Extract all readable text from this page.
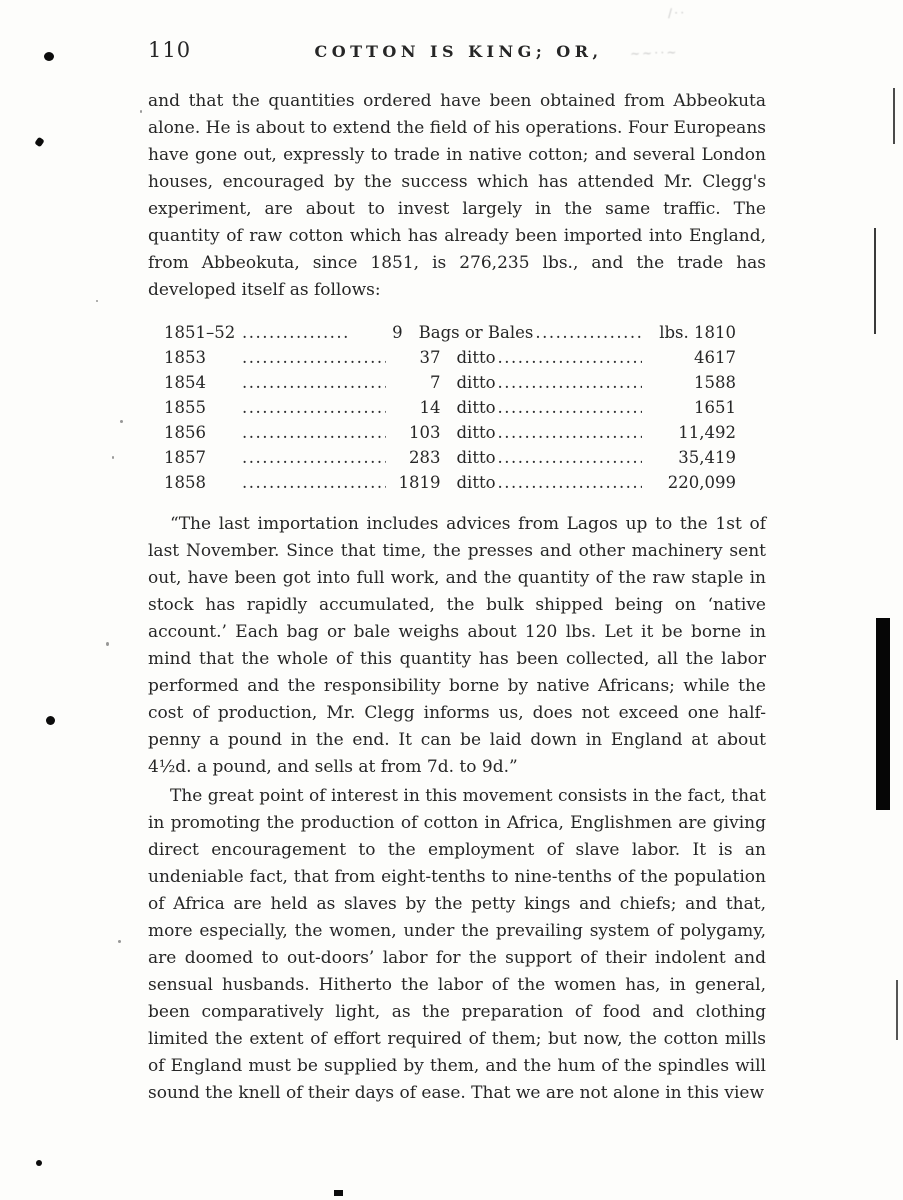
110	COTTON IS KING; OR,

and that the quantities ordered have been obtained from Abbeokuta alone. He is about to extend the field of his operations. Four Europeans have gone out, expressly to trade in native cotton; and several London houses, encouraged by the success which has attended Mr. Clegg's experiment, are about to invest largely in the same traffic. The quantity of raw cotton which has already been imported into England, from Abbeokuta, since 1851, is 276,235 lbs., and the trade has developed itself as follows:

1851–52 .....	9 Bags or Bales .....	lbs. 1810
1853 .....	37 ditto .....	4617
1854 .....	7 ditto .....	1588
1855 .....	14 ditto .....	1651
1856 .....	103 ditto .....	11,492
1857 .....	283 ditto .....	35,419
1858 .....	1819 ditto .....	220,099

“The last importation includes advices from Lagos up to the 1st of last November. Since that time, the presses and other machinery sent out, have been got into full work, and the quantity of the raw staple in stock has rapidly accumulated, the bulk shipped being on ‘native account.’ Each bag or bale weighs about 120 lbs. Let it be borne in mind that the whole of this quantity has been collected, all the labor performed and the responsibility borne by native Africans; while the cost of production, Mr. Clegg informs us, does not exceed one half-penny a pound in the end. It can be laid down in England at about 4½d. a pound, and sells at from 7d. to 9d.”

The great point of interest in this movement consists in the fact, that in promoting the production of cotton in Africa, Englishmen are giving direct encouragement to the employment of slave labor. It is an undeniable fact, that from eight-tenths to nine-tenths of the population of Africa are held as slaves by the petty kings and chiefs; and that, more especially, the women, under the prevailing system of polygamy, are doomed to out-doors’ labor for the support of their indolent and sensual husbands. Hitherto the labor of the women has, in general, been comparatively light, as the preparation of food and clothing limited the extent of effort required of them; but now, the cotton mills of England must be supplied by them, and the hum of the spindles will sound the knell of their days of ease. That we are not alone in this view

∼∼⋅⋅∼
/⋅⋅
